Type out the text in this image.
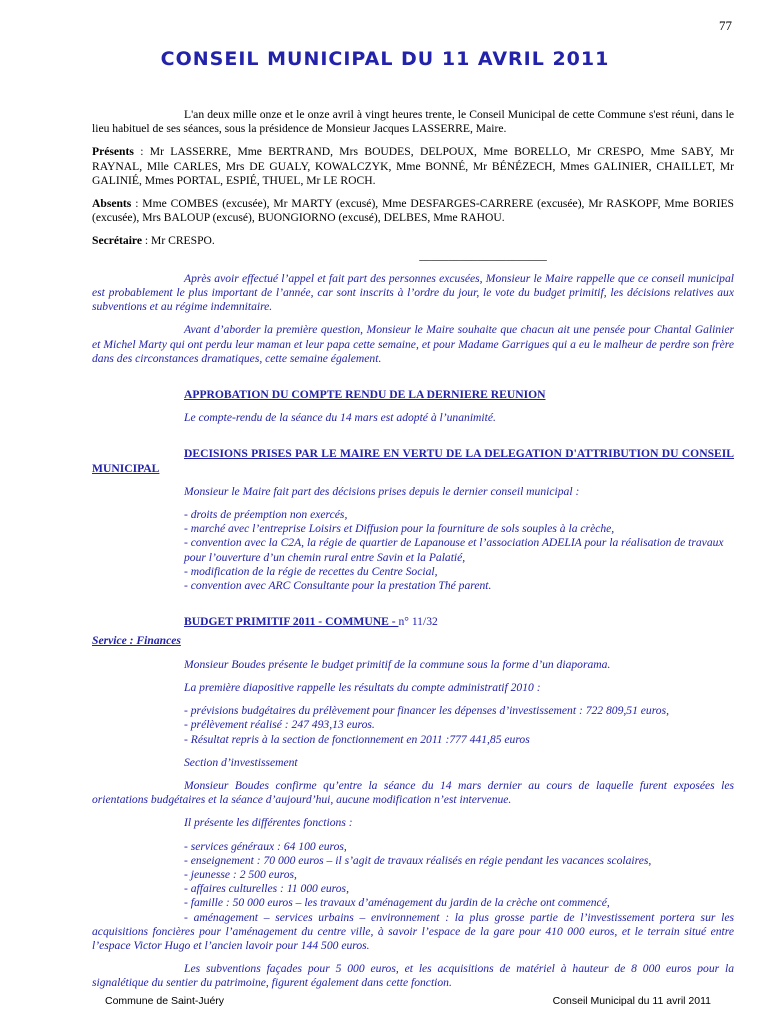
77
CONSEIL MUNICIPAL DU 11 AVRIL 2011

L'an deux mille onze et le onze avril à vingt heures trente, le Conseil Municipal de cette Commune s'est réuni, dans le lieu habituel de ses séances, sous la présidence de Monsieur Jacques LASSERRE, Maire.

Présents : Mr LASSERRE, Mme BERTRAND, Mrs BOUDES, DELPOUX, Mme BORELLO, Mr CRESPO, Mme SABY, Mr RAYNAL, Mlle CARLES, Mrs DE GUALY, KOWALCZYK, Mme BONNÉ, Mr BÉNÉZECH, Mmes GALINIER, CHAILLET, Mr GALINIÉ, Mmes PORTAL, ESPIÉ, THUEL, Mr LE ROCH.

Absents : Mme COMBES (excusée), Mr MARTY (excusé), Mme DESFARGES-CARRERE (excusée), Mr RASKOPF, Mme BORIES (excusée), Mrs BALOUP (excusé), BUONGIORNO (excusé), DELBES, Mme RAHOU.

Secrétaire : Mr CRESPO.

______________________

Après avoir effectué l’appel et fait part des personnes excusées, Monsieur le Maire rappelle que ce conseil municipal est probablement le plus important de l’année, car sont inscrits à l’ordre du jour, le vote du budget primitif, les décisions relatives aux subventions et au régime indemnitaire.

Avant d’aborder la première question, Monsieur le Maire souhaite que chacun ait une pensée pour Chantal Galinier et Michel Marty qui ont perdu leur maman et leur papa cette semaine, et pour Madame Garrigues qui a eu le malheur de perdre son frère dans des circonstances dramatiques, cette semaine également.

APPROBATION DU COMPTE RENDU DE LA DERNIERE REUNION

Le compte-rendu de la séance du 14 mars est adopté à l’unanimité.

DECISIONS PRISES PAR LE MAIRE EN VERTU DE LA DELEGATION D'ATTRIBUTION DU CONSEIL MUNICIPAL

Monsieur le Maire fait part des décisions prises depuis le dernier conseil municipal :

- droits de préemption non exercés,
- marché avec l’entreprise Loisirs et Diffusion pour la fourniture de sols souples à la crèche,
- convention avec la C2A, la régie de quartier de Lapanouse et l’association ADELIA pour la réalisation de travaux pour l’ouverture d’un chemin rural entre Savin et la Palatié,
- modification de la régie de recettes du Centre Social,
- convention avec ARC Consultante pour la prestation Thé parent.

BUDGET PRIMITIF 2011 - COMMUNE - n° 11/32

Service : Finances

Monsieur Boudes présente le budget primitif de la commune sous la forme d’un diaporama.

La première diapositive rappelle les résultats du compte administratif 2010 :

- prévisions budgétaires du prélèvement pour financer les dépenses d’investissement : 722 809,51 euros,
- prélèvement réalisé : 247 493,13 euros.
- Résultat repris à la section de fonctionnement en 2011 :777 441,85 euros

Section d’investissement

Monsieur Boudes confirme qu’entre la séance du 14 mars dernier au cours de laquelle furent exposées les orientations budgétaires et la séance d’aujourd’hui, aucune modification n’est intervenue.

Il présente les différentes fonctions :

- services généraux : 64 100 euros,
- enseignement : 70 000 euros – il s’agit de travaux réalisés en régie pendant les vacances scolaires,
- jeunesse : 2 500 euros,
- affaires culturelles : 11 000 euros,
- famille : 50 000 euros – les travaux d’aménagement du jardin de la crèche ont commencé,

- aménagement – services urbains – environnement : la plus grosse partie de l’investissement portera sur les acquisitions foncières pour l’aménagement du centre ville, à savoir l’espace de la gare pour 410 000 euros, et le terrain situé entre l’espace Victor Hugo et l’ancien lavoir pour 144 500 euros.

Les subventions façades pour 5 000 euros, et les acquisitions de matériel à hauteur de 8 000 euros pour la signalétique du sentier du patrimoine, figurent également dans cette fonction.

Commune de Saint-Juéry	Conseil Municipal du 11 avril 2011
